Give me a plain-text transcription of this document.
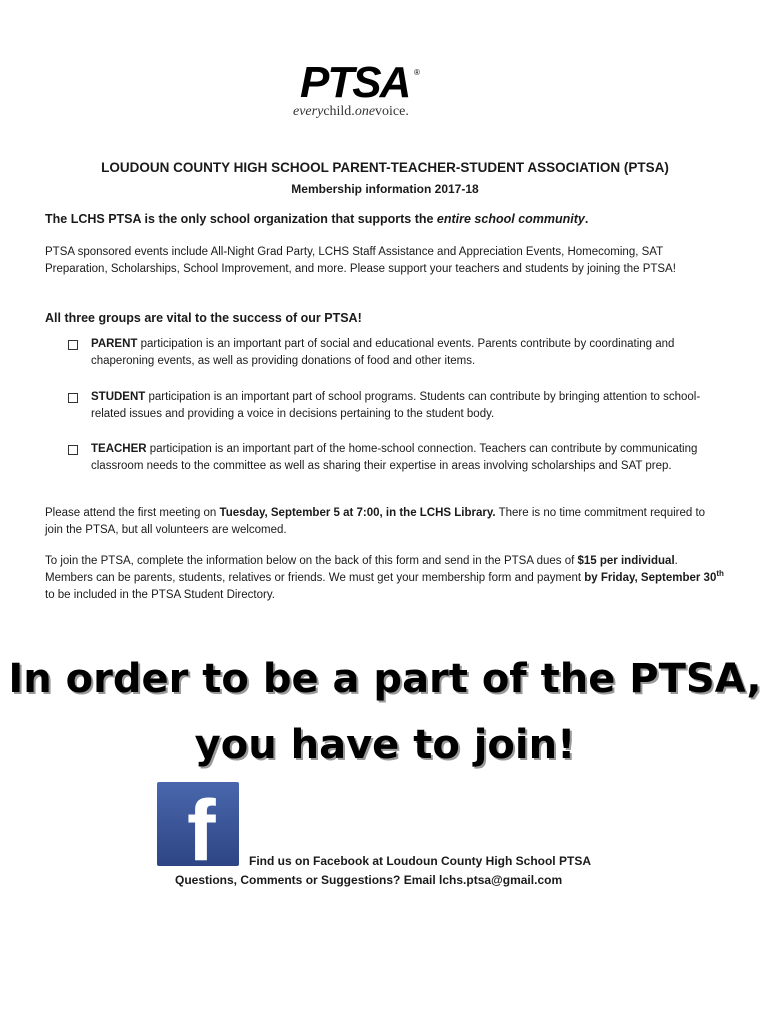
PTSA ®
everychild.onevoice.
LOUDOUN COUNTY HIGH SCHOOL PARENT-TEACHER-STUDENT ASSOCIATION (PTSA)
Membership information 2017-18
The LCHS PTSA is the only school organization that supports the entire school community.
PTSA sponsored events include All-Night Grad Party, LCHS Staff Assistance and Appreciation Events, Homecoming, SAT Preparation, Scholarships, School Improvement, and more. Please support your teachers and students by joining the PTSA!
All three groups are vital to the success of our PTSA!
PARENT participation is an important part of social and educational events. Parents contribute by coordinating and chaperoning events, as well as providing donations of food and other items.
STUDENT participation is an important part of school programs. Students can contribute by bringing attention to school-related issues and providing a voice in decisions pertaining to the student body.
TEACHER participation is an important part of the home-school connection. Teachers can contribute by communicating classroom needs to the committee as well as sharing their expertise in areas involving scholarships and SAT prep.
Please attend the first meeting on Tuesday, September 5 at 7:00, in the LCHS Library. There is no time commitment required to join the PTSA, but all volunteers are welcomed.
To join the PTSA, complete the information below on the back of this form and send in the PTSA dues of $15 per individual. Members can be parents, students, relatives or friends. We must get your membership form and payment by Friday, September 30th to be included in the PTSA Student Directory.
In order to be a part of the PTSA,
you have to join!
f	Find us on Facebook at Loudoun County High School PTSA
Questions, Comments or Suggestions? Email lchs.ptsa@gmail.com
